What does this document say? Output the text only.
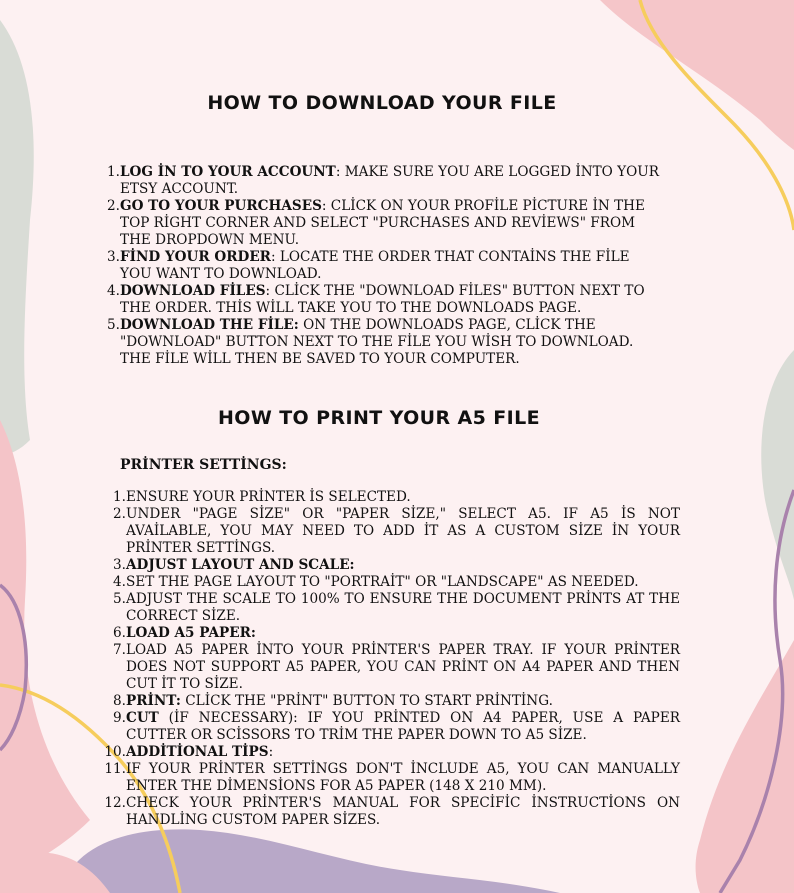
HOW TO DOWNLOAD YOUR FILE
1. LOG İN TO YOUR ACCOUNT: MAKE SURE YOU ARE LOGGED İNTO YOUR ETSY ACCOUNT.
2. GO TO YOUR PURCHASES: CLİCK ON YOUR PROFİLE PİCTURE İN THE TOP RİGHT CORNER AND SELECT "PURCHASES AND REVİEWS" FROM THE DROPDOWN MENU.
3. FİND YOUR ORDER: LOCATE THE ORDER THAT CONTAİNS THE FİLE YOU WANT TO DOWNLOAD.
4. DOWNLOAD FİLES: CLİCK THE "DOWNLOAD FİLES" BUTTON NEXT TO THE ORDER. THİS WİLL TAKE YOU TO THE DOWNLOADS PAGE.
5. DOWNLOAD THE FİLE: ON THE DOWNLOADS PAGE, CLİCK THE "DOWNLOAD" BUTTON NEXT TO THE FİLE YOU WİSH TO DOWNLOAD. THE FİLE WİLL THEN BE SAVED TO YOUR COMPUTER.
HOW TO PRINT YOUR A5 FILE

PRİNTER SETTİNGS:

1. ENSURE YOUR PRİNTER İS SELECTED.
2. UNDER "PAGE SİZE" OR "PAPER SİZE," SELECT A5. IF A5 İS NOT AVAİLABLE, YOU MAY NEED TO ADD İT AS A CUSTOM SİZE İN YOUR PRİNTER SETTİNGS.
3. ADJUST LAYOUT AND SCALE:
4. SET THE PAGE LAYOUT TO "PORTRAİT" OR "LANDSCAPE" AS NEEDED.
5. ADJUST THE SCALE TO 100% TO ENSURE THE DOCUMENT PRİNTS AT THE CORRECT SİZE.
6. LOAD A5 PAPER:
7. LOAD A5 PAPER İNTO YOUR PRİNTER'S PAPER TRAY. IF YOUR PRİNTER DOES NOT SUPPORT A5 PAPER, YOU CAN PRİNT ON A4 PAPER AND THEN CUT İT TO SİZE.
8. PRİNT: CLİCK THE "PRİNT" BUTTON TO START PRİNTİNG.
9. CUT (İF NECESSARY): IF YOU PRİNTED ON A4 PAPER, USE A PAPER CUTTER OR SCİSSORS TO TRİM THE PAPER DOWN TO A5 SİZE.
10. ADDİTİONAL TİPS:
11. IF YOUR PRİNTER SETTİNGS DON'T İNCLUDE A5, YOU CAN MANUALLY ENTER THE DİMENSİONS FOR A5 PAPER (148 X 210 MM).
12. CHECK YOUR PRİNTER'S MANUAL FOR SPECİFİC İNSTRUCTİONS ON HANDLİNG CUSTOM PAPER SİZES.
